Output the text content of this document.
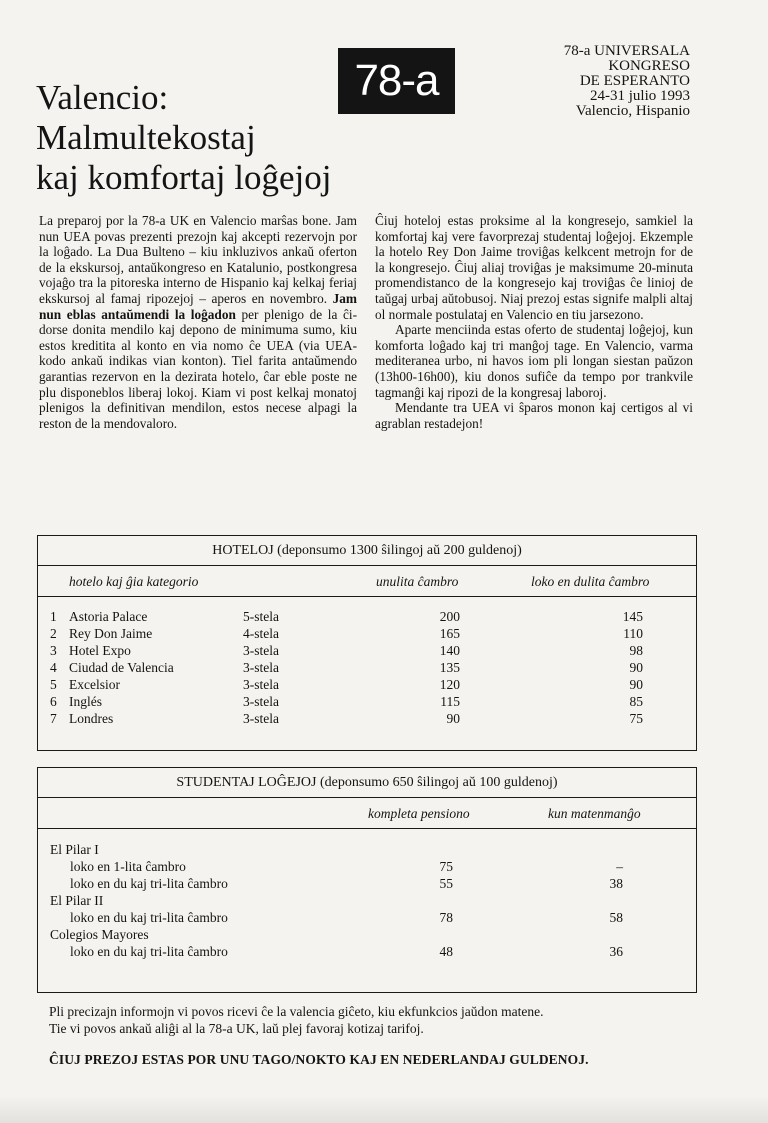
Valencio:
Malmultekostaj
kaj komfortaj loĝejoj
78-a
78-a UNIVERSALA
KONGRESO
DE ESPERANTO
24-31 julio 1993
Valencio, Hispanio

La preparoj por la 78-a UK en Valencio marŝas bone. Jam nun UEA povas prezenti prezojn kaj akcepti rezervojn por la loĝado. La Dua Bulteno – kiu inkluzivos ankaŭ oferton de la ekskursoj, antaŭkongreso en Katalunio, postkongresa vojaĝo tra la pitoreska interno de Hispanio kaj kelkaj feriaj ekskursoj al famaj ripozejoj – aperos en novembro. Jam nun eblas antaŭmendi la loĝadon per plenigo de la ĉi-dorse donita mendilo kaj depono de minimuma sumo, kiu estos kreditita al konto en via nomo ĉe UEA (via UEA-kodo ankaŭ indikas vian konton). Tiel farita antaŭmendo garantias rezervon en la dezirata hotelo, ĉar eble poste ne plu disponeblos liberaj lokoj. Kiam vi post kelkaj monatoj plenigos la definitivan mendilon, estos necese alpagi la reston de la mendovaloro.

Ĉiuj hoteloj estas proksime al la kongresejo, samkiel la komfortaj kaj vere favorprezaj studentaj loĝejoj. Ekzemple la hotelo Rey Don Jaime troviĝas kelkcent metrojn for de la kongresejo. Ĉiuj aliaj troviĝas je maksimume 20-minuta promendistanco de la kongresejo kaj troviĝas ĉe linioj de taŭgaj urbaj aŭtobusoj. Niaj prezoj estas signife malpli altaj ol normale postulataj en Valencio en tiu jarsezono.

Aparte menciinda estas oferto de studentaj loĝejoj, kun komforta loĝado kaj tri manĝoj tage. En Valencio, varma mediteranea urbo, ni havos iom pli longan siestan paŭzon (13h00-16h00), kiu donos sufiĉe da tempo por trankvile tagmanĝi kaj ripozi de la kongresaj laboroj.

Mendante tra UEA vi ŝparos monon kaj certigos al vi agrablan restadejon!

HOTELOJ (deponsumo 1300 ŝilingoj aŭ 200 guldenoj)
hotelo kaj ĝia kategorio	unulita ĉambro	loko en dulita ĉambro
1 Astoria Palace	5-stela	200	145
2 Rey Don Jaime	4-stela	165	110
3 Hotel Expo	3-stela	140	98
4 Ciudad de Valencia	3-stela	135	90
5 Excelsior	3-stela	120	90
6 Inglés	3-stela	115	85
7 Londres	3-stela	90	75
STUDENTAJ LOĜEJOJ (deponsumo 650 ŝilingoj aŭ 100 guldenoj)
kompleta pensiono	kun matenmanĝo
El Pilar I
loko en 1-lita ĉambro	75	–
loko en du kaj tri-lita ĉambro	55	38
El Pilar II
loko en du kaj tri-lita ĉambro	78	58
Colegios Mayores
loko en du kaj tri-lita ĉambro	48	36
Pli precizajn informojn vi povos ricevi ĉe la valencia giĉeto, kiu ekfunkcios jaŭdon matene.
Tie vi povos ankaŭ aliĝi al la 78-a UK, laŭ plej favoraj kotizaj tarifoj.
ĈIUJ PREZOJ ESTAS POR UNU TAGO/NOKTO KAJ EN NEDERLANDAJ GULDENOJ.
